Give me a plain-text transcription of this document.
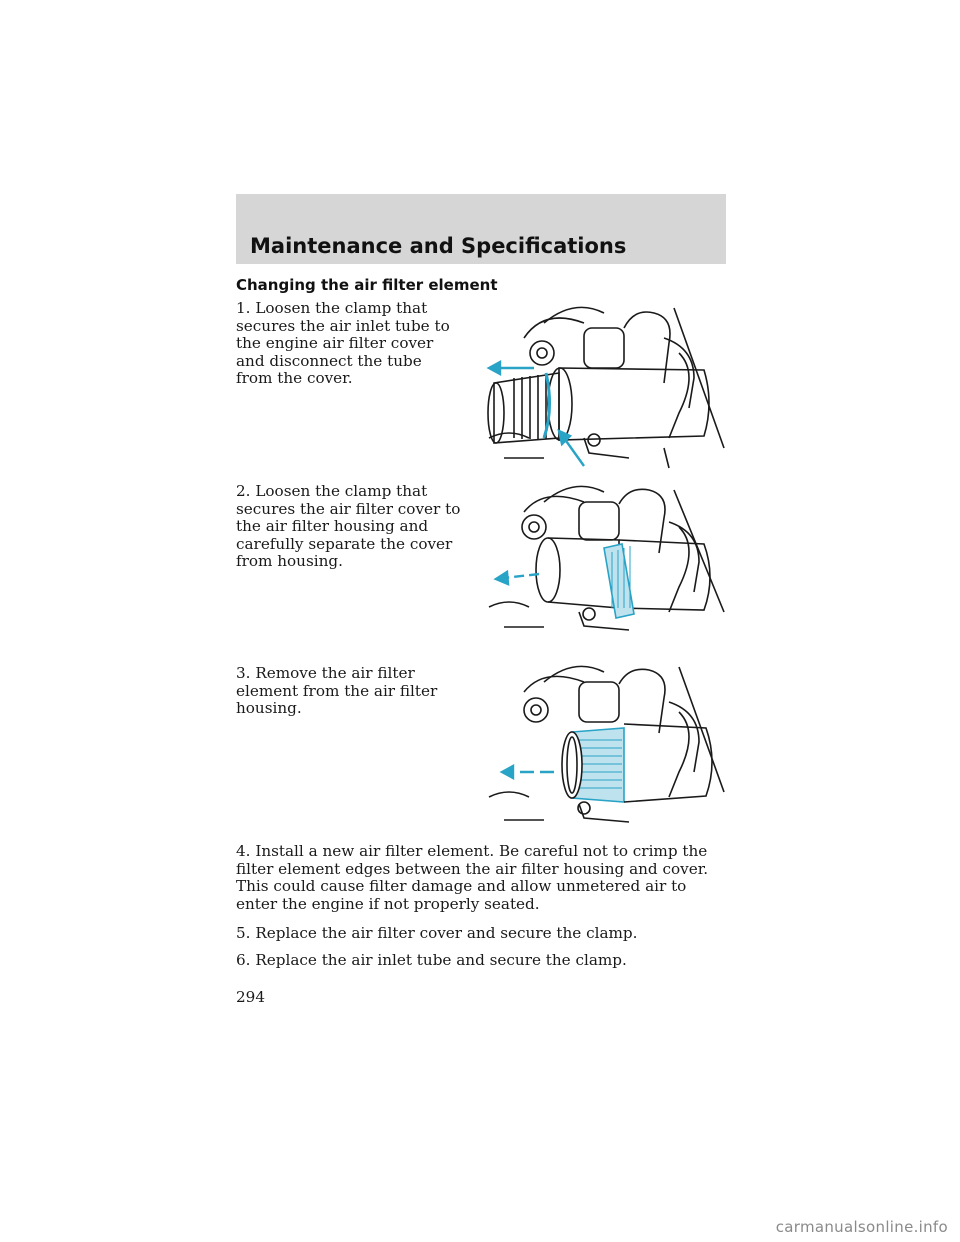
Maintenance and Specifications
Changing the air filter element

1. Loosen the clamp that secures the air inlet tube to the engine air filter cover and disconnect the tube from the cover.

2. Loosen the clamp that secures the air filter cover to the air filter housing and carefully separate the cover from housing.

3. Remove the air filter element from the air filter housing.

4. Install a new air filter element. Be careful not to crimp the filter element edges between the air filter housing and cover. This could cause filter damage and allow unmetered air to enter the engine if not properly seated.

5. Replace the air filter cover and secure the clamp.

6. Replace the air inlet tube and secure the clamp.

294
carmanualsonline.info
